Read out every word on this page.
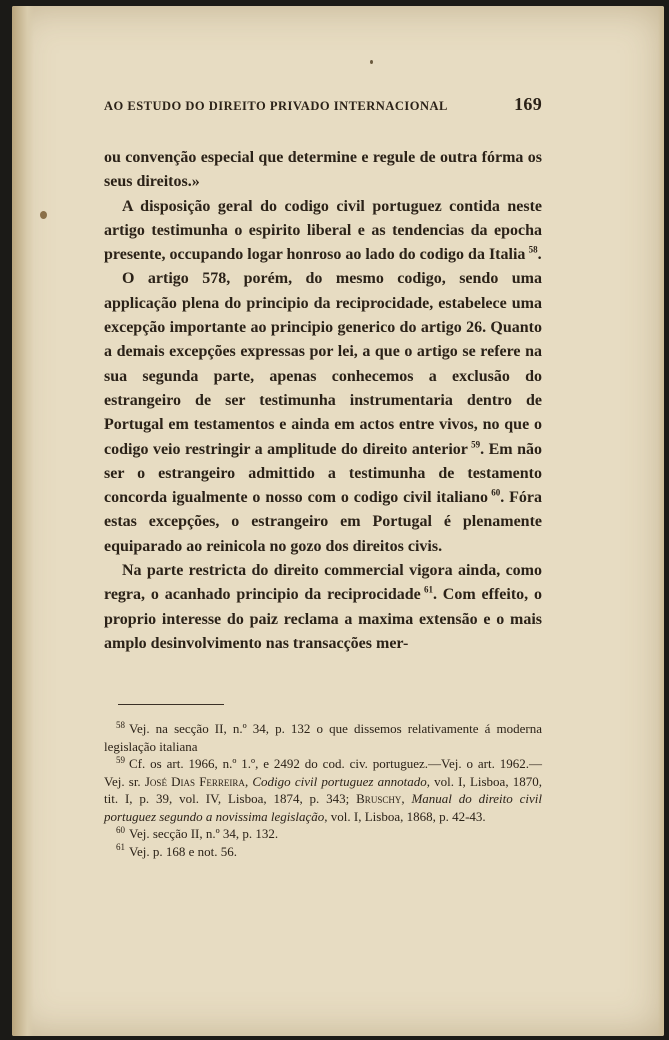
AO ESTUDO DO DIREITO PRIVADO INTERNACIONAL	169

ou convenção especial que determine e regule de outra fórma os seus direitos.»

A disposição geral do codigo civil portuguez contida neste artigo testimunha o espirito liberal e as tendencias da epocha presente, occupando logar honroso ao lado do codigo da Italia  $^{58}$.

O artigo 578, porém, do mesmo codigo, sendo uma applicação plena do principio da reciprocidade, estabelece uma excepção importante ao principio generico do artigo 26. Quanto a demais excepções expressas por lei, a que o artigo se refere na sua segunda parte, apenas conhecemos a exclusão do estrangeiro de ser testimunha instrumentaria dentro de Portugal em testamentos e ainda em actos entre vivos, no que o codigo veio restringir a amplitude do direito anterior  $^{59}$. Em não ser o estrangeiro admittido a testimunha de testamento concorda igualmente o nosso com o codigo civil italiano  $^{60}$. Fóra estas excepções, o estrangeiro em Portugal é plenamente equiparado ao reinicola no gozo dos direitos civis.

Na parte restricta do direito commercial vigora ainda, como regra, o acanhado principio da reciprocidade  $^{61}$. Com effeito, o proprio interesse do paiz reclama a maxima extensão e o mais amplo desinvolvimento nas transacções mer-

$^{58}$ Vej. na secção II, n.º 34, p. 132 o que dissemos relativamente á moderna legislação italiana

$^{59}$ Cf. os art. 1966, n.º 1.º, e 2492 do cod. civ. portuguez.—Vej. o art. 1962.— Vej. sr. José Dias Ferreira, Codigo civil portuguez annotado, vol. I, Lisboa, 1870, tit. I, p. 39, vol. IV, Lisboa, 1874, p. 343; Bruschy, Manual do direito civil portuguez segundo a novissima legislação, vol. I, Lisboa, 1868, p. 42-43.

$^{60}$ Vej. secção II, n.º 34, p. 132.

$^{61}$ Vej. p. 168 e not. 56.
